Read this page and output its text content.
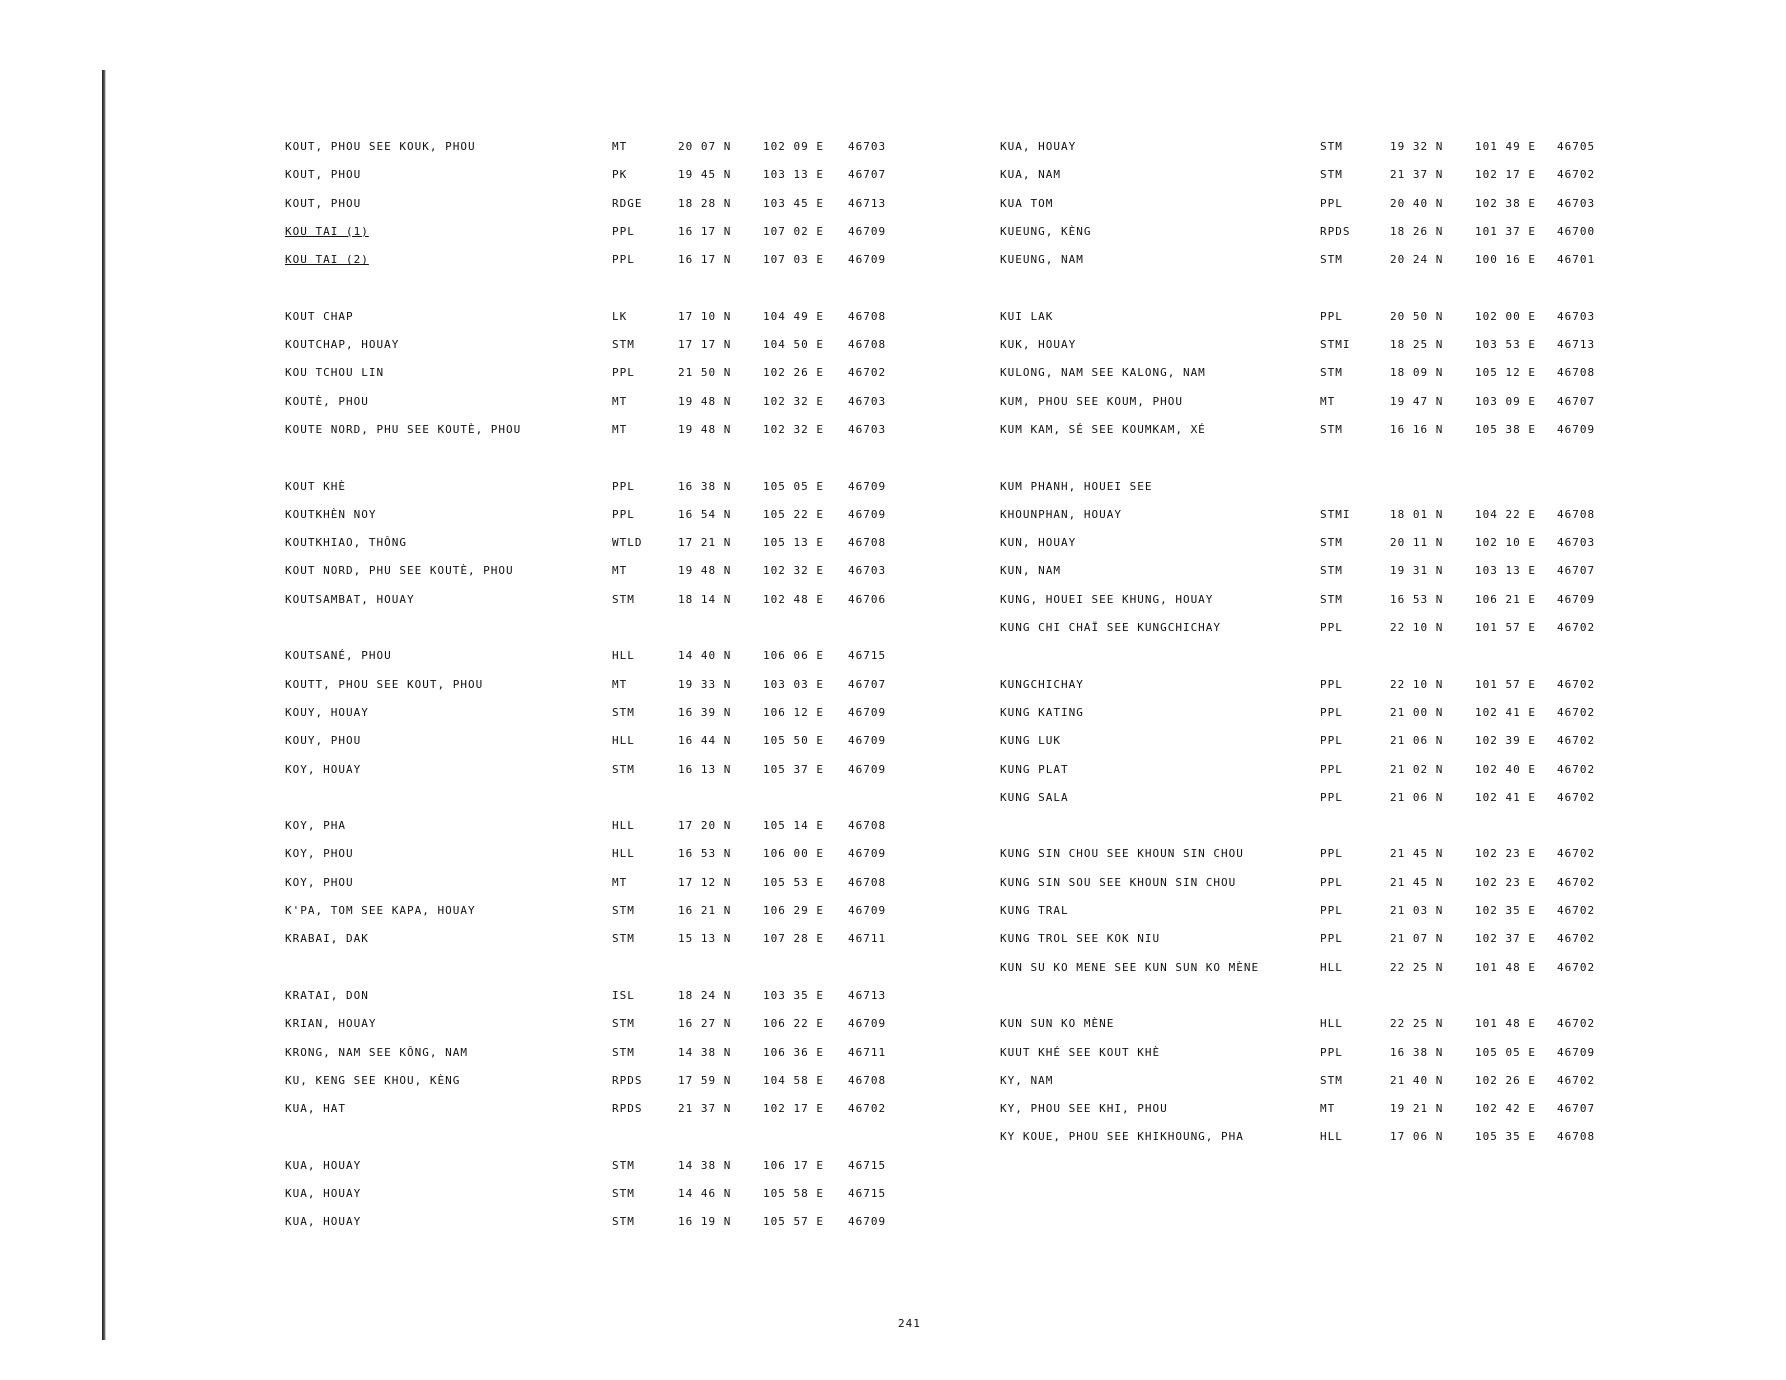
KOUT, PHOU SEE KOUK, PHOU	MT	20 07 N	102 09 E 46703
KOUT, PHOU	PK	19 45 N	103 13 E 46707
KOUT, PHOU	RDGE	18 28 N	103 45 E 46713
KOU TAI (1)	PPL	16 17 N	107 02 E 46709
KOU TAI (2)	PPL	16 17 N	107 03 E 46709
KOUT CHAP	LK	17 10 N	104 49 E 46708
KOUTCHAP, HOUAY	STM	17 17 N	104 50 E 46708
KOU TCHOU LIN	PPL	21 50 N	102 26 E 46702
KOUTÈ, PHOU	MT	19 48 N	102 32 E 46703
KOUTE NORD, PHU SEE KOUTÈ, PHOU	MT	19 48 N	102 32 E 46703
KOUT KHÈ	PPL	16 38 N	105 05 E 46709
KOUTKHÈN NOY	PPL	16 54 N	105 22 E 46709
KOUTKHIAO, THÔNG	WTLD	17 21 N	105 13 E 46708
KOUT NORD, PHU SEE KOUTÈ, PHOU	MT	19 48 N	102 32 E 46703
KOUTSAMBAT, HOUAY	STM	18 14 N	102 48 E 46706
KOUTSANÉ, PHOU	HLL	14 40 N	106 06 E 46715
KOUTT, PHOU SEE KOUT, PHOU	MT	19 33 N	103 03 E 46707
KOUY, HOUAY	STM	16 39 N	106 12 E 46709
KOUY, PHOU	HLL	16 44 N	105 50 E 46709
KOY, HOUAY	STM	16 13 N	105 37 E 46709
KOY, PHA	HLL	17 20 N	105 14 E 46708
KOY, PHOU	HLL	16 53 N	106 00 E 46709
KOY, PHOU	MT	17 12 N	105 53 E 46708
K'PA, TOM SEE KAPA, HOUAY	STM	16 21 N	106 29 E 46709
KRABAI, DAK	STM	15 13 N	107 28 E 46711
KRATAI, DON	ISL	18 24 N	103 35 E 46713
KRIAN, HOUAY	STM	16 27 N	106 22 E 46709
KRONG, NAM SEE KÔNG, NAM	STM	14 38 N	106 36 E 46711
KU, KENG SEE KHOU, KÈNG	RPDS	17 59 N	104 58 E 46708
KUA, HAT	RPDS	21 37 N	102 17 E 46702
KUA, HOUAY	STM	14 38 N	106 17 E 46715
KUA, HOUAY	STM	14 46 N	105 58 E 46715
KUA, HOUAY	STM	16 19 N	105 57 E 46709
KUA, HOUAY	STM	19 32 N	101 49 E 46705
KUA, NAM	STM	21 37 N	102 17 E 46702
KUA TOM	PPL	20 40 N	102 38 E 46703
KUEUNG, KÈNG	RPDS	18 26 N	101 37 E 46700
KUEUNG, NAM	STM	20 24 N	100 16 E 46701
KUI LAK	PPL	20 50 N	102 00 E 46703
KUK, HOUAY	STMI	18 25 N	103 53 E 46713
KULONG, NAM SEE KALONG, NAM	STM	18 09 N	105 12 E 46708
KUM, PHOU SEE KOUM, PHOU	MT	19 47 N	103 09 E 46707
KUM KAM, SÉ SEE KOUMKAM, XÉ	STM	16 16 N	105 38 E 46709
KUM PHANH, HOUEI SEE
KHOUNPHAN, HOUAY	STMI	18 01 N	104 22 E 46708
KUN, HOUAY	STM	20 11 N	102 10 E 46703
KUN, NAM	STM	19 31 N	103 13 E 46707
KUNG, HOUEI SEE KHUNG, HOUAY	STM	16 53 N	106 21 E 46709
KUNG CHI CHAÏ SEE KUNGCHICHAY	PPL	22 10 N	101 57 E 46702
KUNGCHICHAY	PPL	22 10 N	101 57 E 46702
KUNG KATING	PPL	21 00 N	102 41 E 46702
KUNG LUK	PPL	21 06 N	102 39 E 46702
KUNG PLAT	PPL	21 02 N	102 40 E 46702
KUNG SALA	PPL	21 06 N	102 41 E 46702
KUNG SIN CHOU SEE KHOUN SIN CHOU	PPL	21 45 N	102 23 E 46702
KUNG SIN SOU SEE KHOUN SIN CHOU	PPL	21 45 N	102 23 E 46702
KUNG TRAL	PPL	21 03 N	102 35 E 46702
KUNG TROL SEE KOK NIU	PPL	21 07 N	102 37 E 46702
KUN SU KO MENE SEE KUN SUN KO MÈNE	HLL	22 25 N	101 48 E 46702
KUN SUN KO MÈNE	HLL	22 25 N	101 48 E 46702
KUUT KHÉ SEE KOUT KHÈ	PPL	16 38 N	105 05 E 46709
KY, NAM	STM	21 40 N	102 26 E 46702
KY, PHOU SEE KHI, PHOU	MT	19 21 N	102 42 E 46707
KY KOUE, PHOU SEE KHIKHOUNG, PHA	HLL	17 06 N	105 35 E 46708
241
